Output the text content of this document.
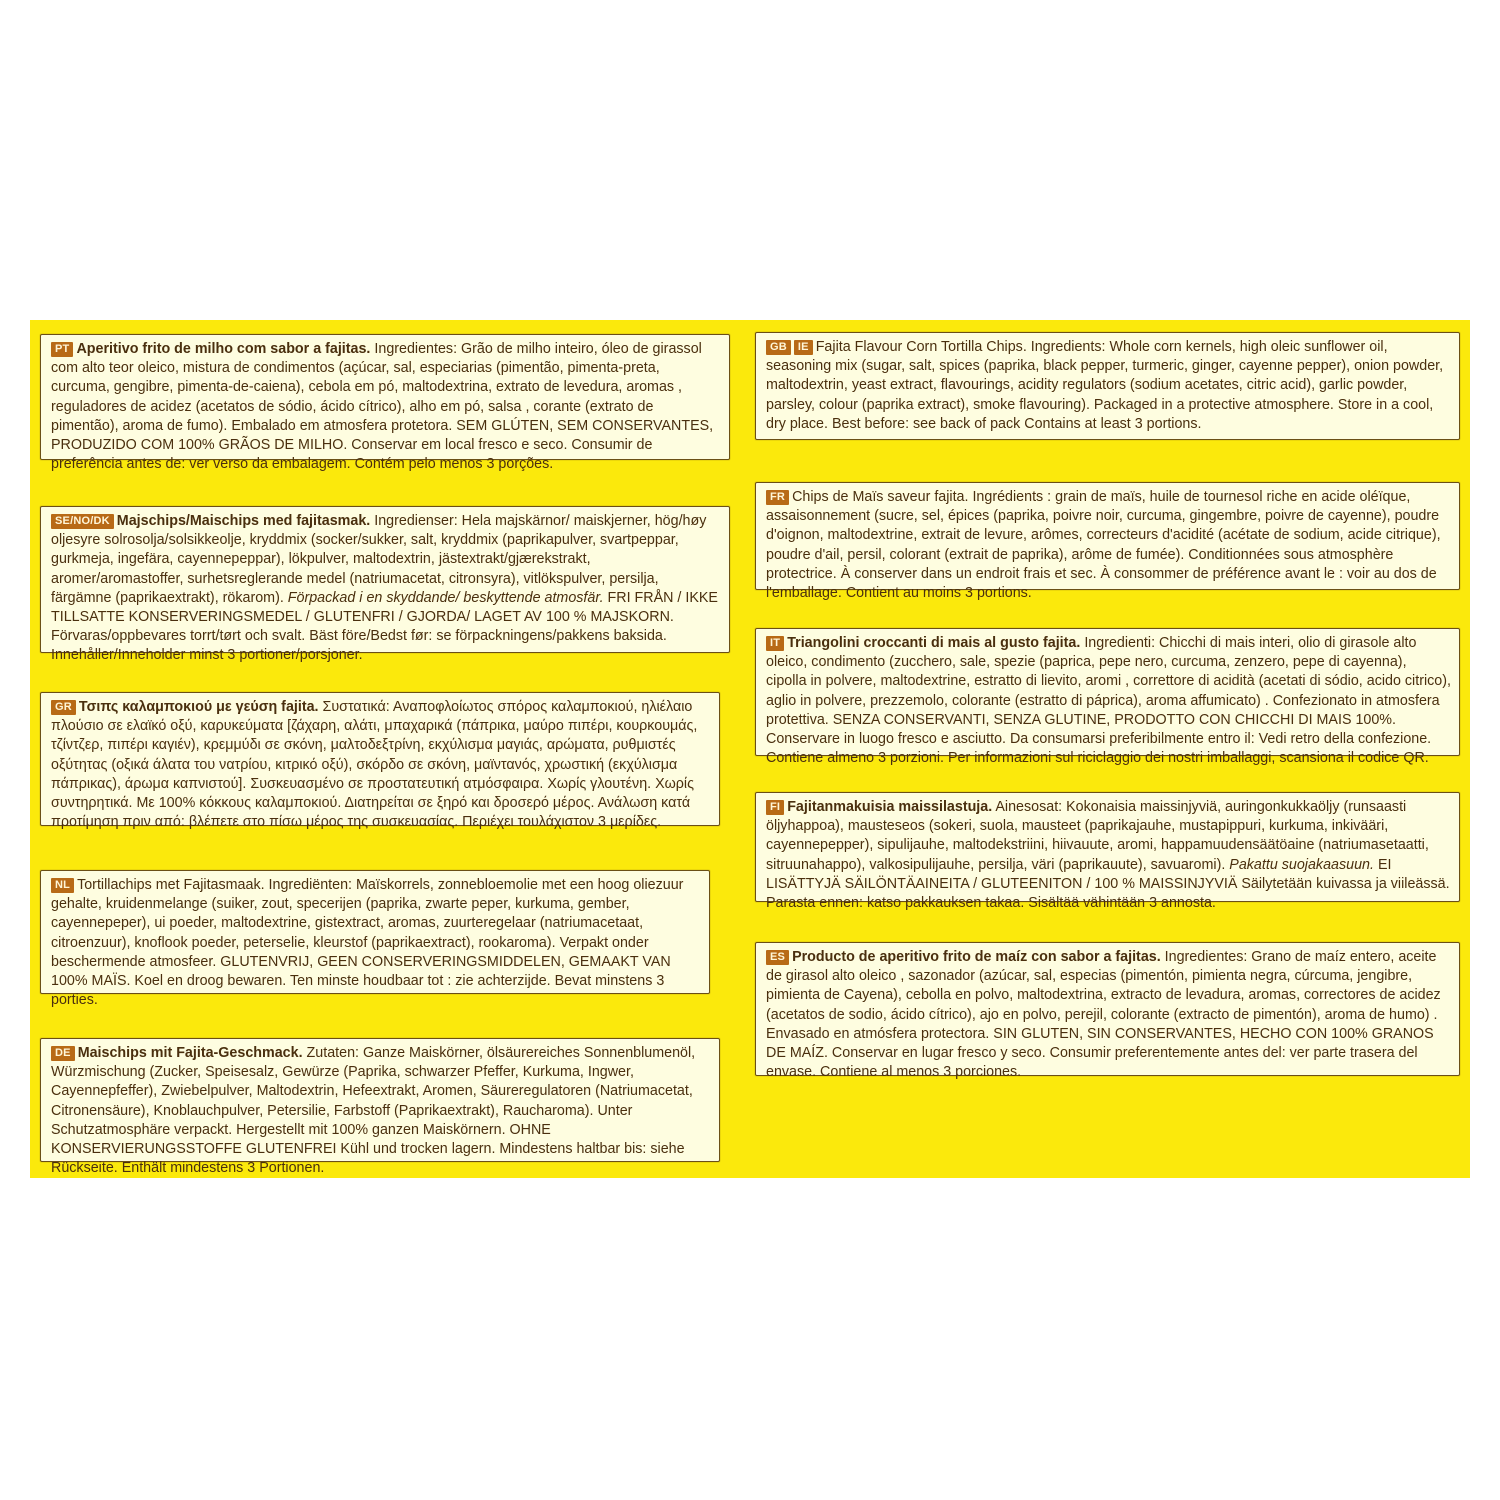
PT Aperitivo frito de milho com sabor a fajitas. Ingredientes: Grão de milho inteiro, óleo de girassol com alto teor oleico, mistura de condimentos (açúcar, sal, especiarias (pimentão, pimenta-preta, curcuma, gengibre, pimenta-de-caiena), cebola em pó, maltodextrina, extrato de levedura, aromas , reguladores de acidez (acetatos de sódio, ácido cítrico), alho em pó, salsa , corante (extrato de pimentão), aroma de fumo). Embalado em atmosfera protetora. SEM GLÚTEN, SEM CONSERVANTES, PRODUZIDO COM 100% GRÃOS DE MILHO. Conservar em local fresco e seco. Consumir de preferência antes de: ver verso da embalagem. Contém pelo menos 3 porções.
SE/NO/DK Majschips/Maischips med fajitasmak. Ingredienser: Hela majskärnor/ maiskjerner, hög/høy oljesyre solrosolja/solsikkeolje, kryddmix (socker/sukker, salt, kryddmix (paprikapulver, svartpeppar, gurkmeja, ingefära, cayennepeppar), lökpulver, maltodextrin, jästextrakt/gjærekstrakt, aromer/aromastoffer, surhetsreglerande medel (natriumacetat, citronsyra), vitlökspulver, persilja, färgämne (paprikaextrakt), rökarom). Förpackad i en skyddande/ beskyttende atmosfär. FRI FRÅN / IKKE TILLSATTE KONSERVERINGSMEDEL / GLUTENFRI / GJORDA/ LAGET AV 100 % MAJSKORN. Förvaras/oppbevares torrt/tørt och svalt. Bäst före/Bedst før: se förpackningens/pakkens baksida. Innehåller/Inneholder minst 3 portioner/porsjoner.
GR Τσιπς καλαμποκιού με γεύση fajita. Συστατικά: Αναποφλοίωτος σπόρος καλαμποκιού, ηλιέλαιο πλούσιο σε ελαϊκό οξύ, καρυκεύματα [ζάχαρη, αλάτι, μπαχαρικά (πάπρικα, μαύρο πιπέρι, κουρκουμάς, τζίντζερ, πιπέρι καγιέν), κρεμμύδι σε σκόνη, μαλτοδεξτρίνη, εκχύλισμα μαγιάς, αρώματα, ρυθμιστές οξύτητας (οξικά άλατα του νατρίου, κιτρικό οξύ), σκόρδο σε σκόνη, μαϊντανός, χρωστική (εκχύλισμα πάπρικας), άρωμα καπνιστού]. Συσκευασμένο σε προστατευτική ατμόσφαιρα. Χωρίς γλουτένη. Χωρίς συντηρητικά. Με 100% κόκκους καλαμποκιού. Διατηρείται σε ξηρό και δροσερό μέρος. Ανάλωση κατά προτίμηση πριν από: βλέπετε στο πίσω μέρος της συσκευασίας. Περιέχει τουλάχιστον 3 μερίδες.
NL Tortillachips met Fajitasmaak. Ingrediënten: Maïskorrels, zonnebloemolie met een hoog oliezuur gehalte, kruidenmelange (suiker, zout, specerijen (paprika, zwarte peper, kurkuma, gember, cayennepeper), ui poeder, maltodextrine, gistextract, aromas, zuurteregelaar (natriumacetaat, citroenzuur), knoflook poeder, peterselie, kleurstof (paprikaextract), rookaroma). Verpakt onder beschermende atmosfeer. GLUTENVRIJ, GEEN CONSERVERINGSMIDDELEN, GEMAAKT VAN 100% MAÏS. Koel en droog bewaren. Ten minste houdbaar tot : zie achterzijde. Bevat minstens 3 porties.
DE Maischips mit Fajita-Geschmack. Zutaten: Ganze Maiskörner, ölsäurereiches Sonnenblumenöl, Würzmischung (Zucker, Speisesalz, Gewürze (Paprika, schwarzer Pfeffer, Kurkuma, Ingwer, Cayennepfeffer), Zwiebelpulver, Maltodextrin, Hefeextrakt, Aromen, Säureregulatoren (Natriumacetat, Citronensäure), Knoblauchpulver, Petersilie, Farbstoff (Paprikaextrakt), Raucharoma). Unter Schutzatmosphäre verpackt. Hergestellt mit 100% ganzen Maiskörnern. OHNE KONSERVIERUNGSSTOFFE GLUTENFREI Kühl und trocken lagern. Mindestens haltbar bis: siehe Rückseite. Enthält mindestens 3 Portionen.
GB IE Fajita Flavour Corn Tortilla Chips. Ingredients: Whole corn kernels, high oleic sunflower oil, seasoning mix (sugar, salt, spices (paprika, black pepper, turmeric, ginger, cayenne pepper), onion powder, maltodextrin, yeast extract, flavourings, acidity regulators (sodium acetates, citric acid), garlic powder, parsley, colour (paprika extract), smoke flavouring). Packaged in a protective atmosphere. Store in a cool, dry place. Best before: see back of pack Contains at least 3 portions.
FR Chips de Maïs saveur fajita. Ingrédients : grain de maïs, huile de tournesol riche en acide oléïque, assaisonnement (sucre, sel, épices (paprika, poivre noir, curcuma, gingembre, poivre de cayenne), poudre d'oignon, maltodextrine, extrait de levure, arômes, correcteurs d'acidité (acétate de sodium, acide citrique), poudre d'ail, persil, colorant (extrait de paprika), arôme de fumée). Conditionnées sous atmosphère protectrice. À conserver dans un endroit frais et sec. À consommer de préférence avant le : voir au dos de l'emballage. Contient au moins 3 portions.
IT Triangolini croccanti di mais al gusto fajita. Ingredienti: Chicchi di mais interi, olio di girasole alto oleico, condimento (zucchero, sale, spezie (paprica, pepe nero, curcuma, zenzero, pepe di cayenna), cipolla in polvere, maltodextrine, estratto di lievito, aromi , correttore di acidità (acetati di sódio, acido citrico), aglio in polvere, prezzemolo, colorante (estratto di páprica), aroma affumicato) . Confezionato in atmosfera protettiva. SENZA CONSERVANTI, SENZA GLUTINE, PRODOTTO CON CHICCHI DI MAIS 100%. Conservare in luogo fresco e asciutto. Da consumarsi preferibilmente entro il: Vedi retro della confezione. Contiene almeno 3 porzioni. Per informazioni sul riciclaggio dei nostri imballaggi, scansiona il codice QR.
FI Fajitanmakuisia maissilastuja. Ainesosat: Kokonaisia maissinjyviä, auringonkukkaöljy (runsaasti öljyhappoa), mausteseos (sokeri, suola, mausteet (paprikajauhe, mustapippuri, kurkuma, inkivääri, cayennepepper), sipulijauhe, maltodekstriini, hiivauute, aromi, happamuudensäätöaine (natriumasetaatti, sitruunahappo), valkosipulijauhe, persilja, väri (paprikauute), savuaromi). Pakattu suojakaasuun. EI LISÄTTYJÄ SÄILÖNTÄAINEITA / GLUTEENITON / 100 % MAISSINJYVIÄ Säilytetään kuivassa ja viileässä. Parasta ennen: katso pakkauksen takaa. Sisältää vähintään 3 annosta.
ES Producto de aperitivo frito de maíz con sabor a fajitas. Ingredientes: Grano de maíz entero, aceite de girasol alto oleico , sazonador (azúcar, sal, especias (pimentón, pimienta negra, cúrcuma, jengibre, pimienta de Cayena), cebolla en polvo, maltodextrina, extracto de levadura, aromas, correctores de acidez (acetatos de sodio, ácido cítrico), ajo en polvo, perejil, colorante (extracto de pimentón), aroma de humo) . Envasado en atmósfera protectora. SIN GLUTEN, SIN CONSERVANTES, HECHO CON 100% GRANOS DE MAÍZ. Conservar en lugar fresco y seco. Consumir preferentemente antes del: ver parte trasera del envase. Contiene al menos 3 porciones.
